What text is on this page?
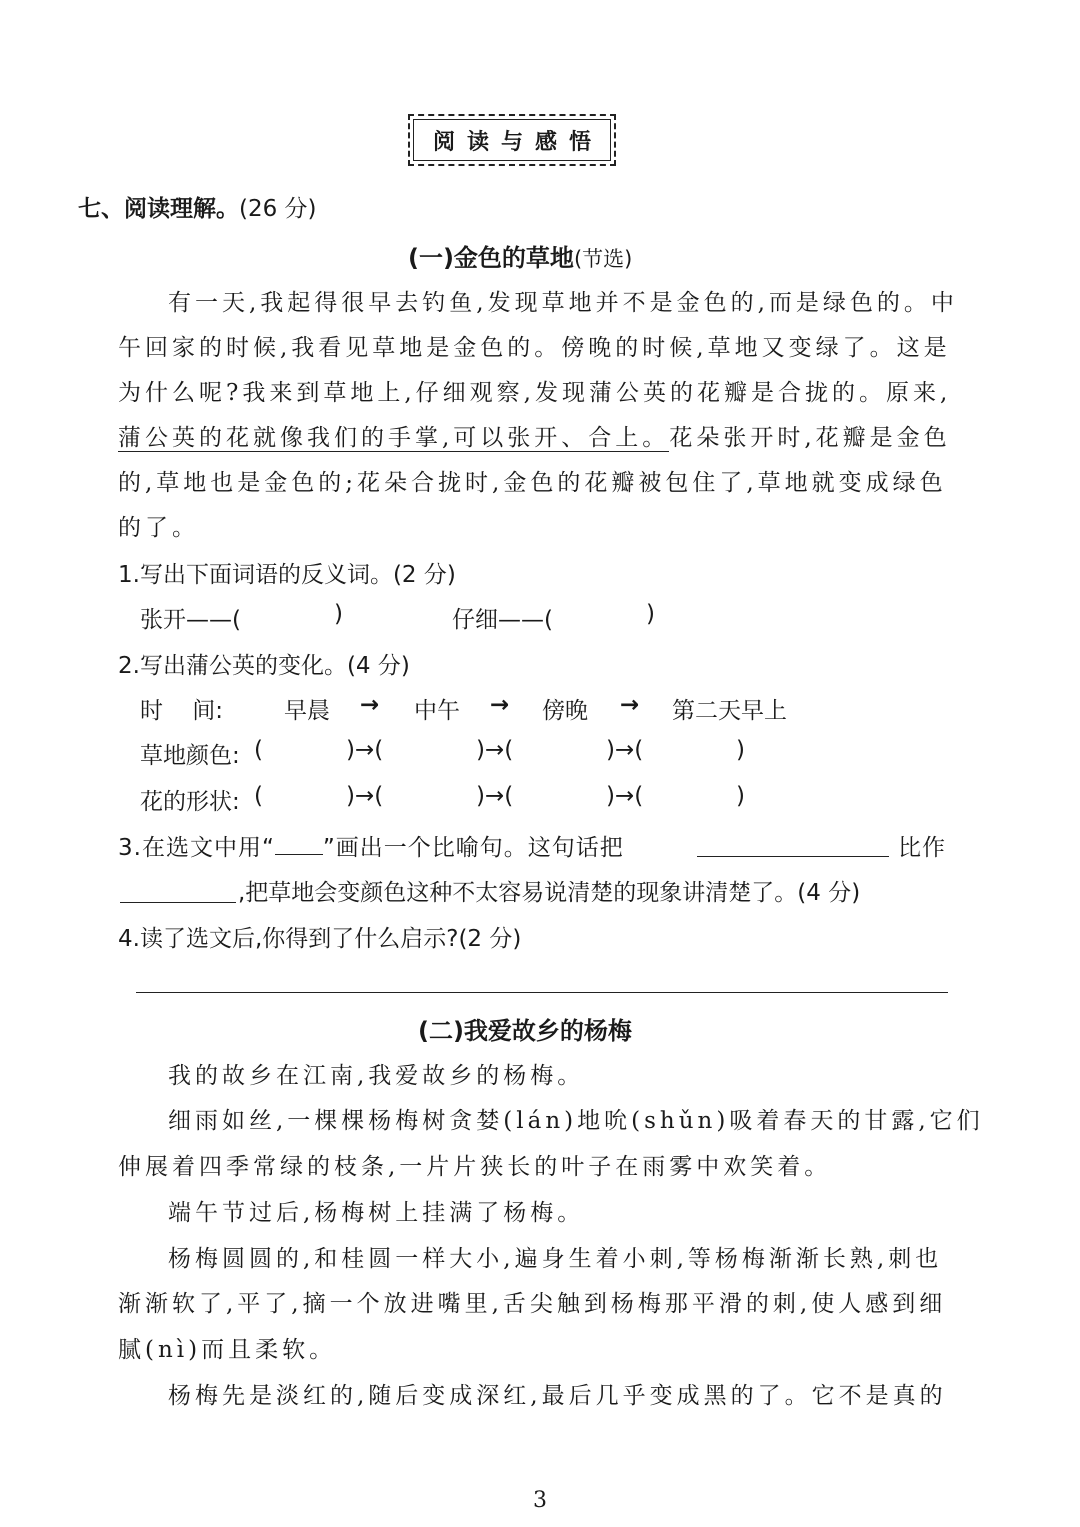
阅读与感悟
七、阅读理解。(26 分)
(一)金色的草地(节选)
有一天,我起得很早去钓鱼,发现草地并不是金色的,而是绿色的。中
午回家的时候,我看见草地是金色的。傍晚的时候,草地又变绿了。这是
为什么呢?我来到草地上,仔细观察,发现蒲公英的花瓣是合拢的。原来,
蒲公英的花就像我们的手掌,可以张开、合上。花朵张开时,花瓣是金色
的,草地也是金色的;花朵合拢时,金色的花瓣被包住了,草地就变成绿色
的了。
1.写出下面词语的反义词。(2 分)
张开——(	)	仔细——(	)
2.写出蒲公英的变化。(4 分)
时    间:	早晨 → 中午 → 傍晚 → 第二天早上
草地颜色: (	)→(	)→(	)→(	)
花的形状: (	)→(	)→(	)→(	)
3.在选文中用“ ”画出一个比喻句。这句话把	比作
,把草地会变颜色这种不太容易说清楚的现象讲清楚了。(4 分)
4.读了选文后,你得到了什么启示?(2 分)
(二)我爱故乡的杨梅
我的故乡在江南,我爱故乡的杨梅。
细雨如丝,一棵棵杨梅树贪婪(lán)地吮(shǔn)吸着春天的甘露,它们
伸展着四季常绿的枝条,一片片狭长的叶子在雨雾中欢笑着。
端午节过后,杨梅树上挂满了杨梅。
杨梅圆圆的,和桂圆一样大小,遍身生着小刺,等杨梅渐渐长熟,刺也
渐渐软了,平了,摘一个放进嘴里,舌尖触到杨梅那平滑的刺,使人感到细
腻(nì)而且柔软。
杨梅先是淡红的,随后变成深红,最后几乎变成黑的了。它不是真的
3
